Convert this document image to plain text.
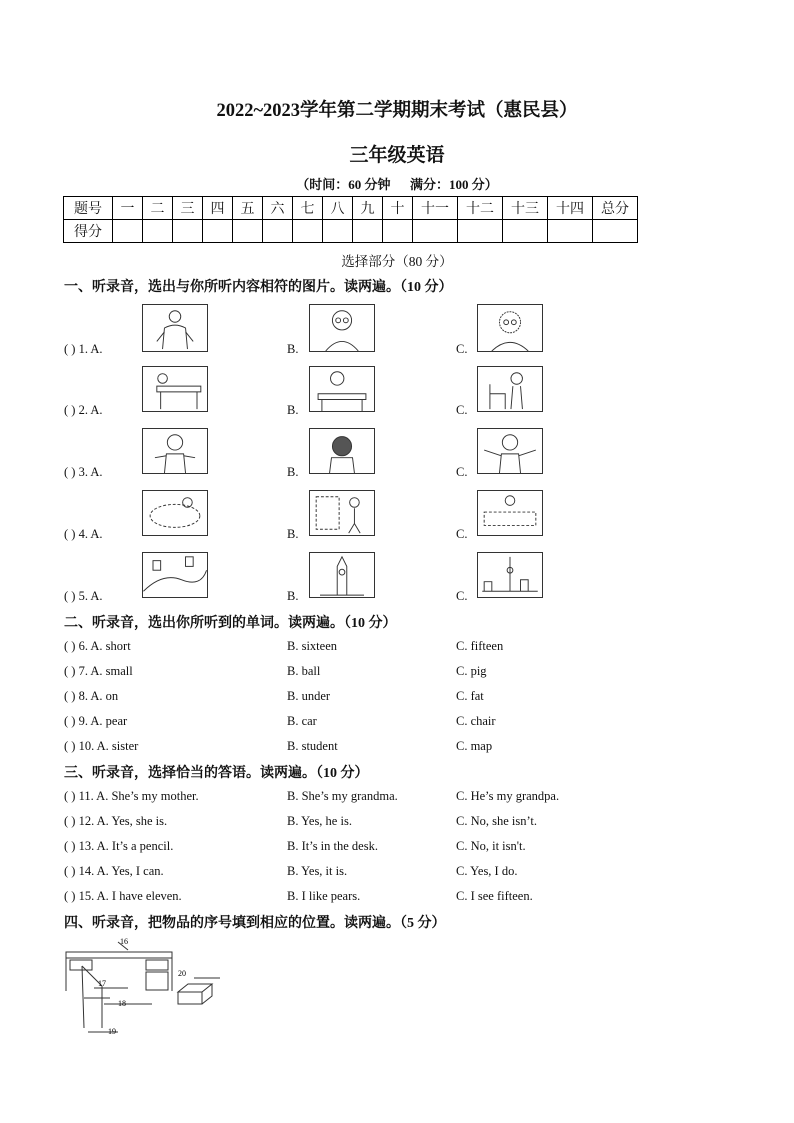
2022~2023学年第二学期期末考试（惠民县）
三年级英语
（时间：60 分钟      满分：100 分）
题号	一	二	三	四	五	六	七	八	九	十	十一	十二	十三	十四	总分
得分															
选择部分（80 分）
一、听录音，选出与你所听内容相符的图片。读两遍。（10 分）
( ) 1. A.	B.	C.
( ) 2. A.	B.	C.
( ) 3. A.	B.	C.
( ) 4. A.	B.	C.
( ) 5. A.	B.	C.
二、听录音，选出你所听到的单词。读两遍。（10 分）
( ) 6. A. short	B. sixteen	C. fifteen
( ) 7. A. small	B. ball	C. pig
( ) 8. A. on	B. under	C. fat
( ) 9. A. pear	B. car	C. chair
( ) 10. A. sister	B. student	C. map
三、听录音，选择恰当的答语。读两遍。（10 分）
( ) 11. A. She’s my mother.	B. She’s my grandma.	C. He’s my grandpa.
( ) 12. A. Yes, she is.	B. Yes, he is.	C. No, she isn’t.
( ) 13. A. It’s a pencil.	B. It’s in the desk.	C. No, it isn't.
( ) 14. A. Yes, I can.	B. Yes, it is.	C. Yes, I do.
( ) 15. A. I have eleven.	B. I like pears.	C. I see fifteen.
四、听录音，把物品的序号填到相应的位置。读两遍。（5 分）
16
17
18
19
20
